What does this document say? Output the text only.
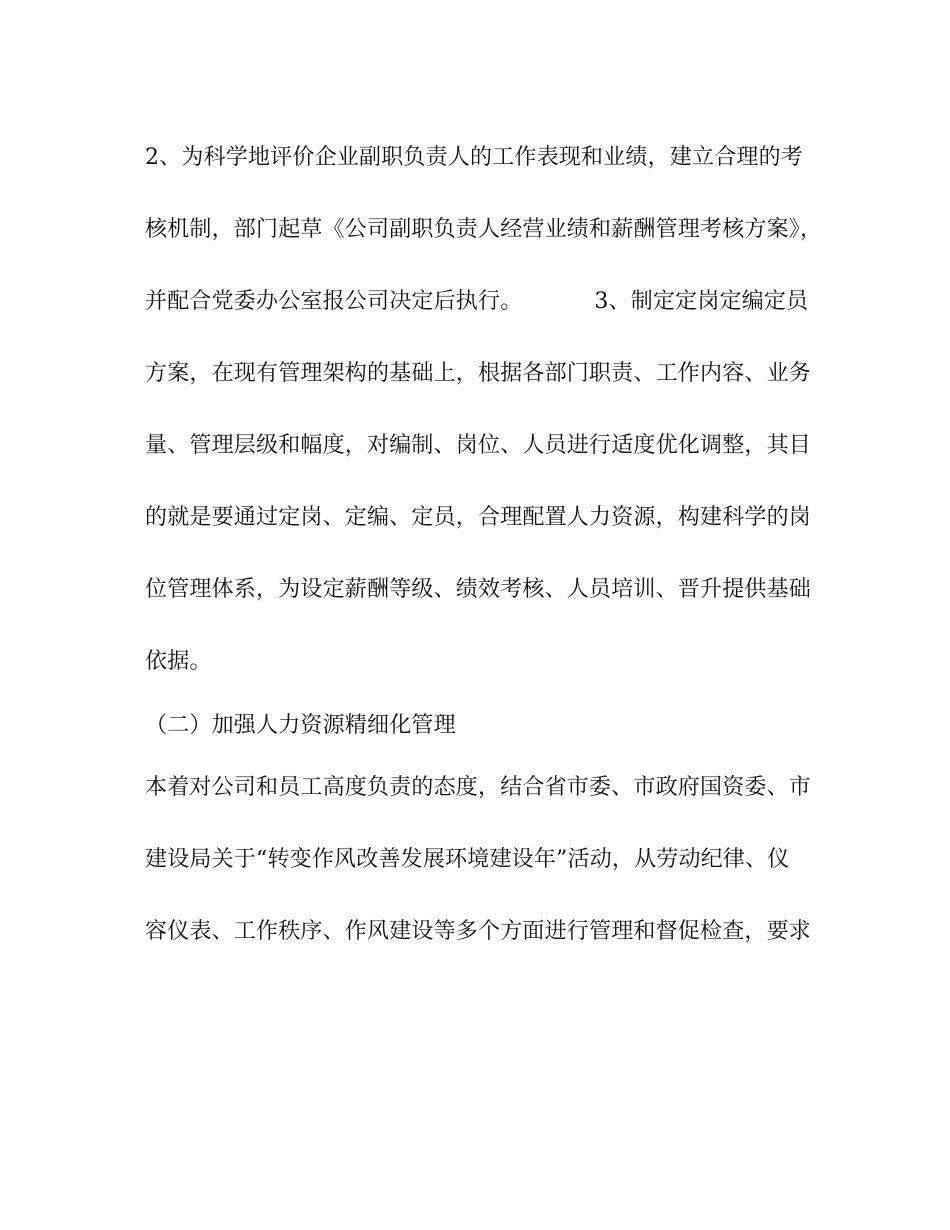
2、为科学地评价企业副职负责人的工作表现和业绩，建立合理的考
核机制，部门起草《公司副职负责人经营业绩和薪酬管理考核方案》，
并配合党委办公室报公司决定后执行。          3、制定定岗定编定员
方案，在现有管理架构的基础上，根据各部门职责、工作内容、业务
量、管理层级和幅度，对编制、岗位、人员进行适度优化调整，其目
的就是要通过定岗、定编、定员，合理配置人力资源，构建科学的岗
位管理体系，为设定薪酬等级、绩效考核、人员培训、晋升提供基础
依据。
（二）加强人力资源精细化管理
本着对公司和员工高度负责的态度，结合省市委、市政府国资委、市
建设局关于“转变作风改善发展环境建设年”活动，从劳动纪律、仪
容仪表、工作秩序、作风建设等多个方面进行管理和督促检查，要求
